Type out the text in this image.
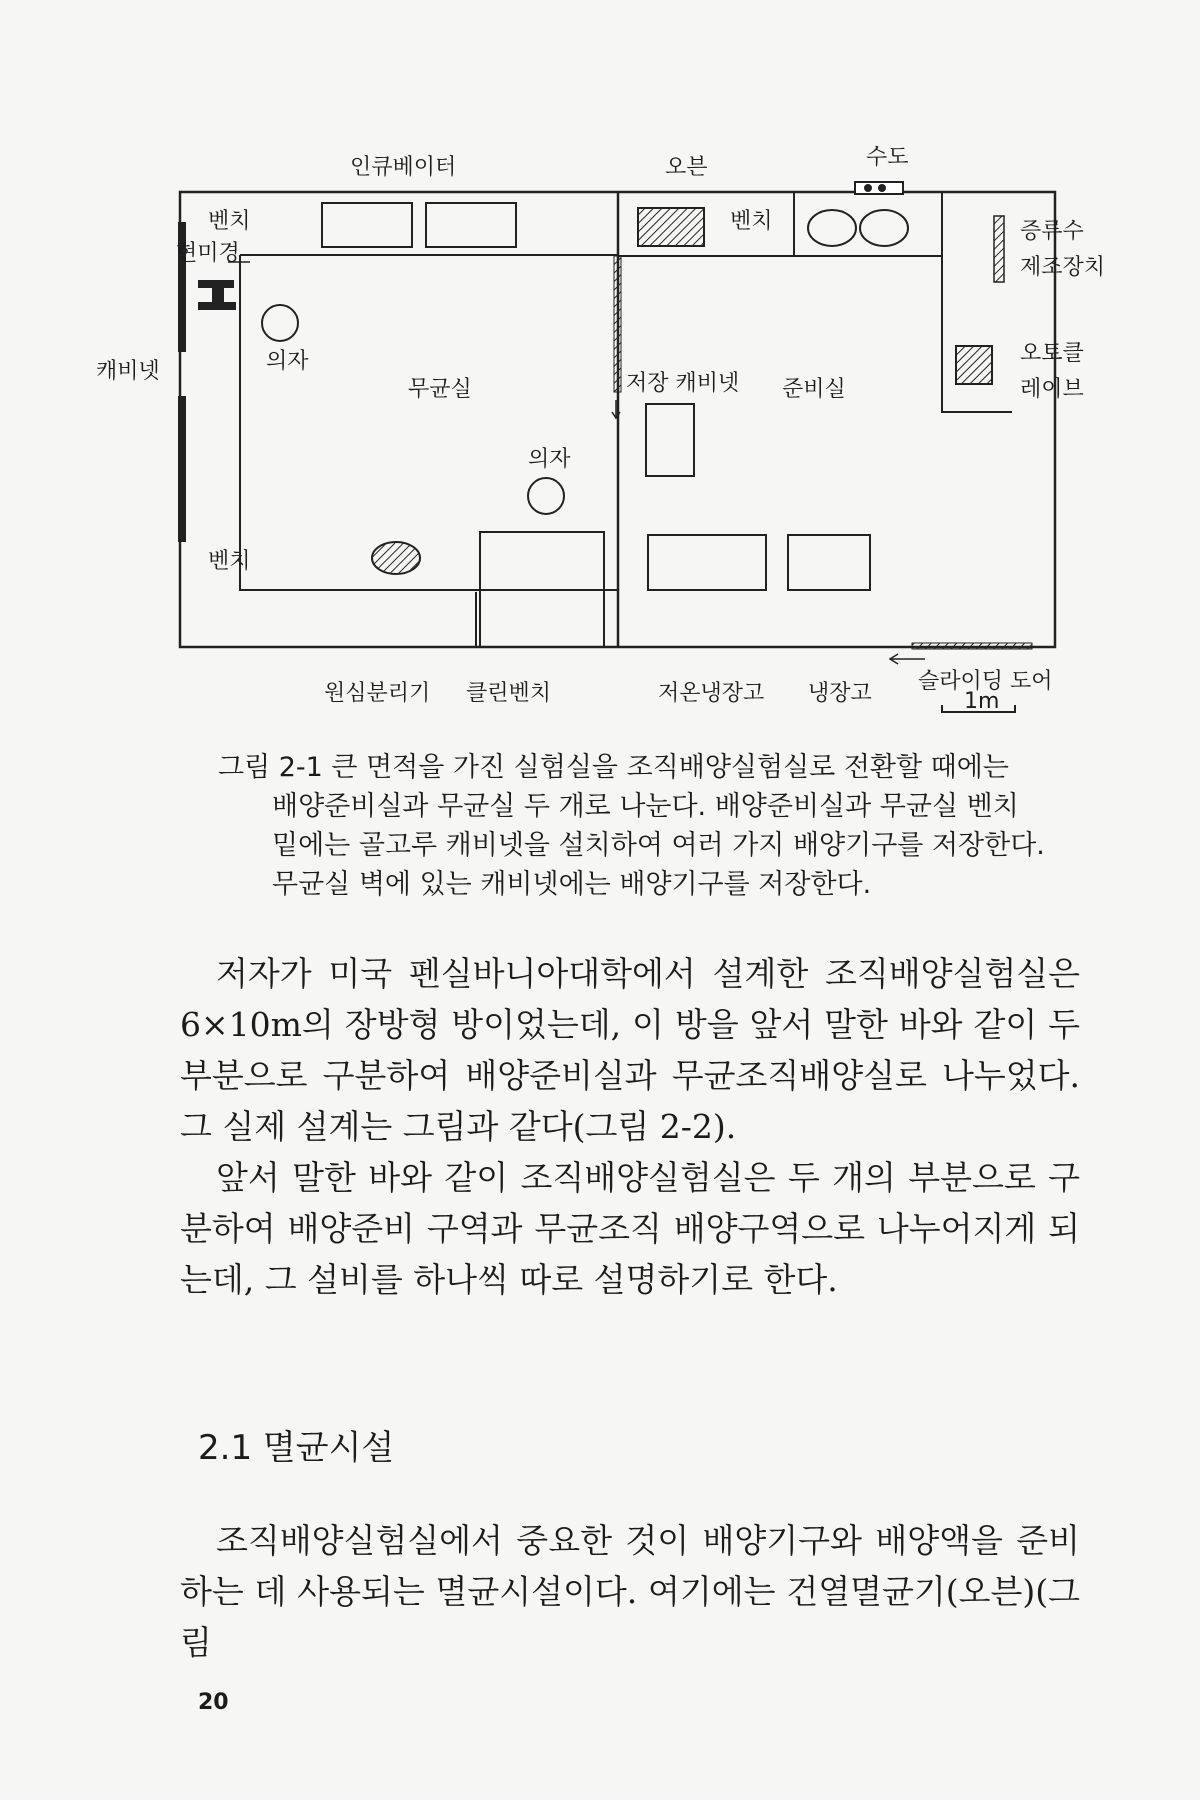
인큐베이터	오븐	수도
벤치
현미경
벤치	증류수
제조장치
오토클
레이브
캐비넷	의자
무균실	저장 캐비넷 준비실
의자
벤치
슬라이딩 도어
원심분리기 클린벤치	저온냉장고 냉장고	1m
그림 2-1 큰 면적을 가진 실험실을 조직배양실험실로 전환할 때에는
배양준비실과 무균실 두 개로 나눈다. 배양준비실과 무균실 벤치
밑에는 골고루 캐비넷을 설치하여 여러 가지 배양기구를 저장한다.
무균실 벽에 있는 캐비넷에는 배양기구를 저장한다.

저자가 미국 펜실바니아대학에서 설계한 조직배양실험실은 6×10m의 장방형 방이었는데, 이 방을 앞서 말한 바와 같이 두 부분으로 구분하여 배양준비실과 무균조직배양실로 나누었다. 그 실제 설계는 그림과 같다(그림 2-2).

앞서 말한 바와 같이 조직배양실험실은 두 개의 부분으로 구분하여 배양준비 구역과 무균조직 배양구역으로 나누어지게 되는데, 그 설비를 하나씩 따로 설명하기로 한다.

2.1 멸균시설

조직배양실험실에서 중요한 것이 배양기구와 배양액을 준비하는 데 사용되는 멸균시설이다. 여기에는 건열멸균기(오븐)(그림

20
